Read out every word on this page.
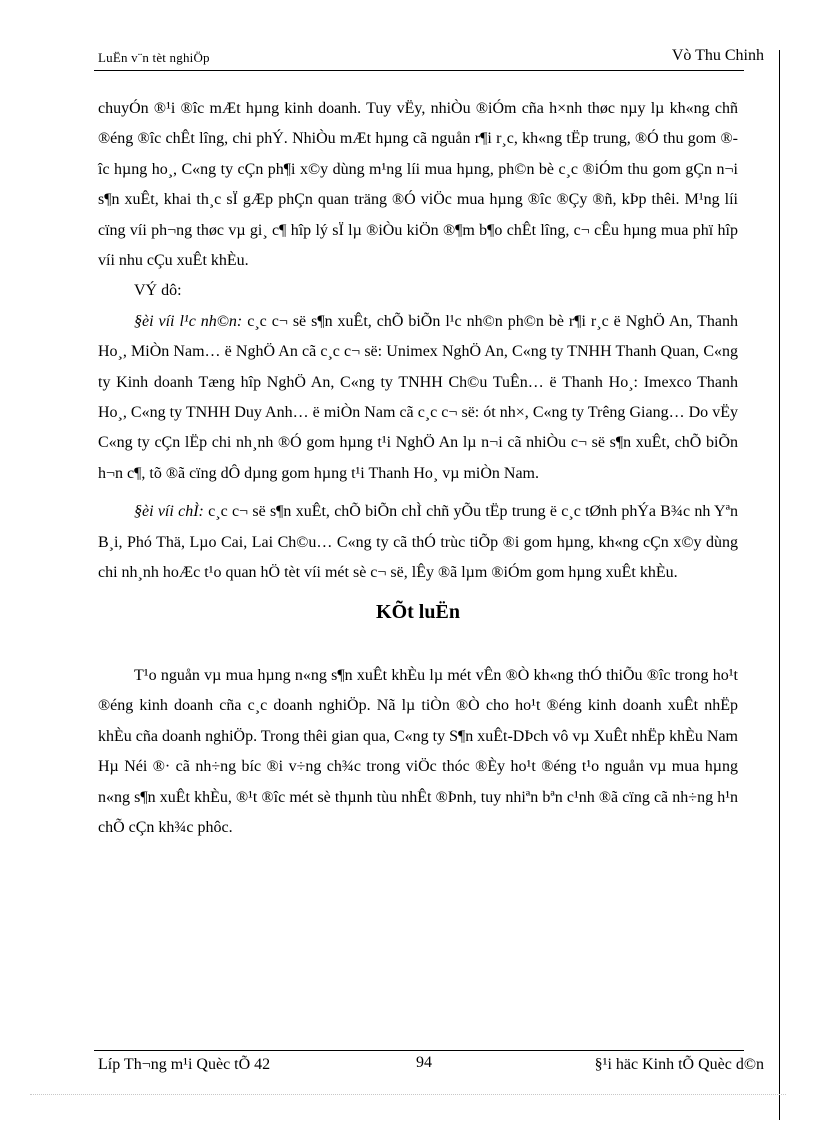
LuËn v¨n tèt nghiÖp	Vò Thu Chinh

chuyÓn ®¹i ®îc mÆt hµng kinh doanh. Tuy vËy, nhiÒu ®iÓm cña h×nh thøc nµy lµ kh«ng chñ ®éng ®îc chÊt lîng, chi phÝ. NhiÒu mÆt hµng cã nguån r¶i r¸c, kh«ng tËp trung, ®Ó thu gom ®îc hµng ho¸, C«ng ty cÇn ph¶i x©y dùng m¹ng líi mua hµng, ph©n bè c¸c ®iÓm thu gom gÇn n¬i s¶n xuÊt, khai th¸c sÏ gÆp phÇn quan träng ®Ó viÖc mua hµng ®îc ®Çy ®ñ, kÞp thêi. M¹ng líi cïng víi ph¬ng thøc vµ gi¸ c¶ hîp lý sÏ lµ ®iÒu kiÖn ®¶m b¶o chÊt lîng, c¬ cÊu hµng mua phï hîp víi nhu cÇu xuÊt khÈu.

VÝ dô:

§èi víi l¹c nh©n: c¸c c¬ së s¶n xuÊt, chÕ biÕn l¹c nh©n ph©n bè r¶i r¸c ë NghÖ An, Thanh Ho¸, MiÒn Nam… ë NghÖ An cã c¸c c¬ së: Unimex NghÖ An, C«ng ty TNHH Thanh Quan, C«ng ty Kinh doanh Tæng hîp NghÖ An, C«ng ty TNHH Ch©u TuÊn… ë Thanh Ho¸: Imexco Thanh Ho¸, C«ng ty TNHH Duy Anh… ë miÒn Nam cã c¸c c¬ së: ót nh×, C«ng ty Trêng Giang… Do vËy C«ng ty cÇn lËp chi nh¸nh ®Ó gom hµng t¹i NghÖ An lµ n¬i cã nhiÒu c¬ së s¶n xuÊt, chÕ biÕn h¬n c¶, tõ ®ã cïng dÔ dµng gom hµng t¹i Thanh Ho¸ vµ miÒn Nam.

§èi víi chÌ: c¸c c¬ së s¶n xuÊt, chÕ biÕn chÌ chñ yÕu tËp trung ë c¸c tØnh phÝa B¾c nh Yªn B¸i, Phó Thä, Lµo Cai, Lai Ch©u… C«ng ty cã thÓ trùc tiÕp ®i gom hµng, kh«ng cÇn x©y dùng chi nh¸nh hoÆc t¹o quan hÖ tèt víi mét sè c¬ së, lÊy ®ã lµm ®iÓm gom hµng xuÊt khÈu.

KÕt luËn

T¹o nguån vµ mua hµng n«ng s¶n xuÊt khÈu lµ mét vÊn ®Ò kh«ng thÓ thiÕu ®îc trong ho¹t ®éng kinh doanh cña c¸c doanh nghiÖp. Nã lµ tiÒn ®Ò cho ho¹t ®éng kinh doanh xuÊt nhËp khÈu cña doanh nghiÖp. Trong thêi gian qua, C«ng ty S¶n xuÊt-DÞch vô vµ XuÊt nhËp khÈu Nam Hµ Néi ®· cã nh÷ng bíc ®i v÷ng ch¾c trong viÖc thóc ®Èy ho¹t ®éng t¹o nguån vµ mua hµng n«ng s¶n xuÊt khÈu, ®¹t ®îc mét sè thµnh tùu nhÊt ®Þnh, tuy nhiªn bªn c¹nh ®ã cïng cã nh÷ng h¹n chÕ cÇn kh¾c phôc.

Líp Th¬ng m¹i Quèc tÕ 42	94	§¹i häc Kinh tÕ Quèc d©n
